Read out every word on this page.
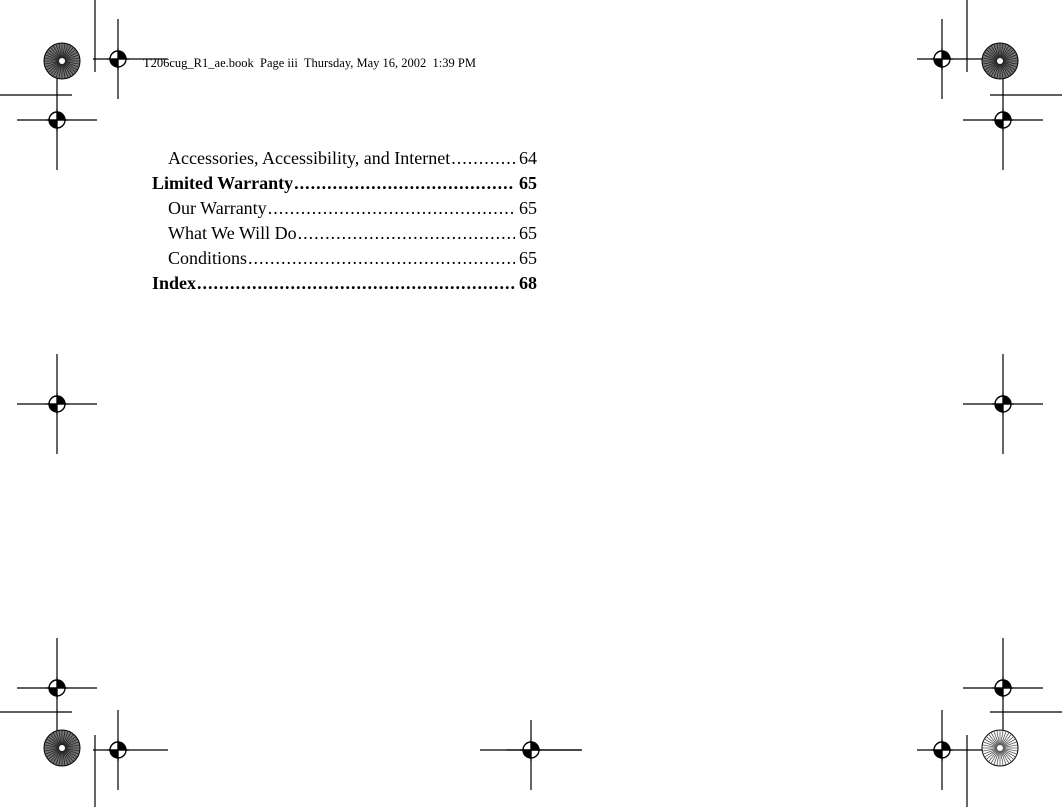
T206cug_R1_ae.book  Page iii  Thursday, May 16, 2002  1:39 PM
Accessories, Accessibility, and Internet .....	64
Limited Warranty .....	65
Our Warranty .....	65
What We Will Do .....	65
Conditions .....	65
Index .....	68
